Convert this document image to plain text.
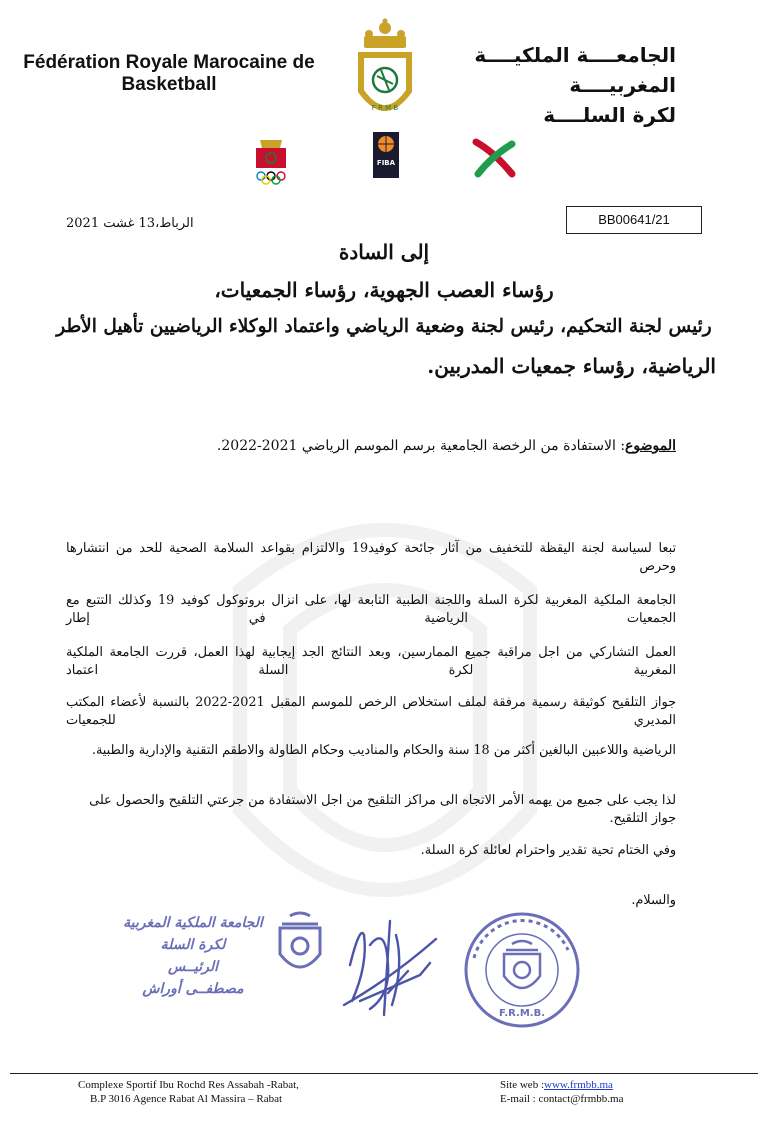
Fédération Royale Marocaine de Basketball
الجامعــــة الملكيــــة المغربيــــة
لكرة السلــــة
F R M B
FIBA
BB00641/21
الرباط،13 غشت 2021
إلى السادة
رؤساء العصب الجهوية، رؤساء الجمعيات،
رئيس لجنة التحكيم، رئيس لجنة وضعية الرياضي واعتماد الوكلاء الرياضيين تأهيل الأطر
الرياضية، رؤساء جمعيات المدربين.
الموضوع: الاستفادة من الرخصة الجامعية برسم الموسم الرياضي 2021-2022.
تبعا لسياسة لجنة اليقظة للتخفيف من آثار جائحة كوفيد19 والالتزام بقواعد السلامة الصحية للحد من انتشارها وحرص
الجامعة الملكية المغربية لكرة السلة واللجنة الطبية التابعة لها، على انزال بروتوكول كوفيد 19 وكذلك التتبع مع الجمعيات الرياضية في إطار
العمل التشاركي من اجل مراقبة جميع الممارسين، وبعد النتائج الجد إيجابية لهذا العمل، قررت الجامعة الملكية المغربية لكرة السلة اعتماد
جواز التلقيح كوثيقة رسمية مرفقة لملف استخلاص الرخص للموسم المقبل 2021-2022 بالنسبة لأعضاء المكتب المديري للجمعيات
الرياضية واللاعبين البالغين أكثر من 18 سنة والحكام والمناديب وحكام الطاولة والاطقم التقنية والإدارية والطبية.
لذا يجب على جميع من يهمه الأمر الاتجاه الى مراكز التلقيح من اجل الاستفادة من جرعتي التلقيح والحصول على جواز التلقيح.
وفي الختام تحية تقدير واحترام لعائلة كرة السلة.
والسلام.
الجامعة الملكية المغربية
لكرة السلة
الرئيــس
مصطفــى أوراش
F.R.M.B.
Complexe Sportif Ibu Rochd Res Assabah -Rabat,
B.P 3016 Agence Rabat Al Massira – Rabat
Site web :www.frmbb.ma
E-mail : contact@frmbb.ma
